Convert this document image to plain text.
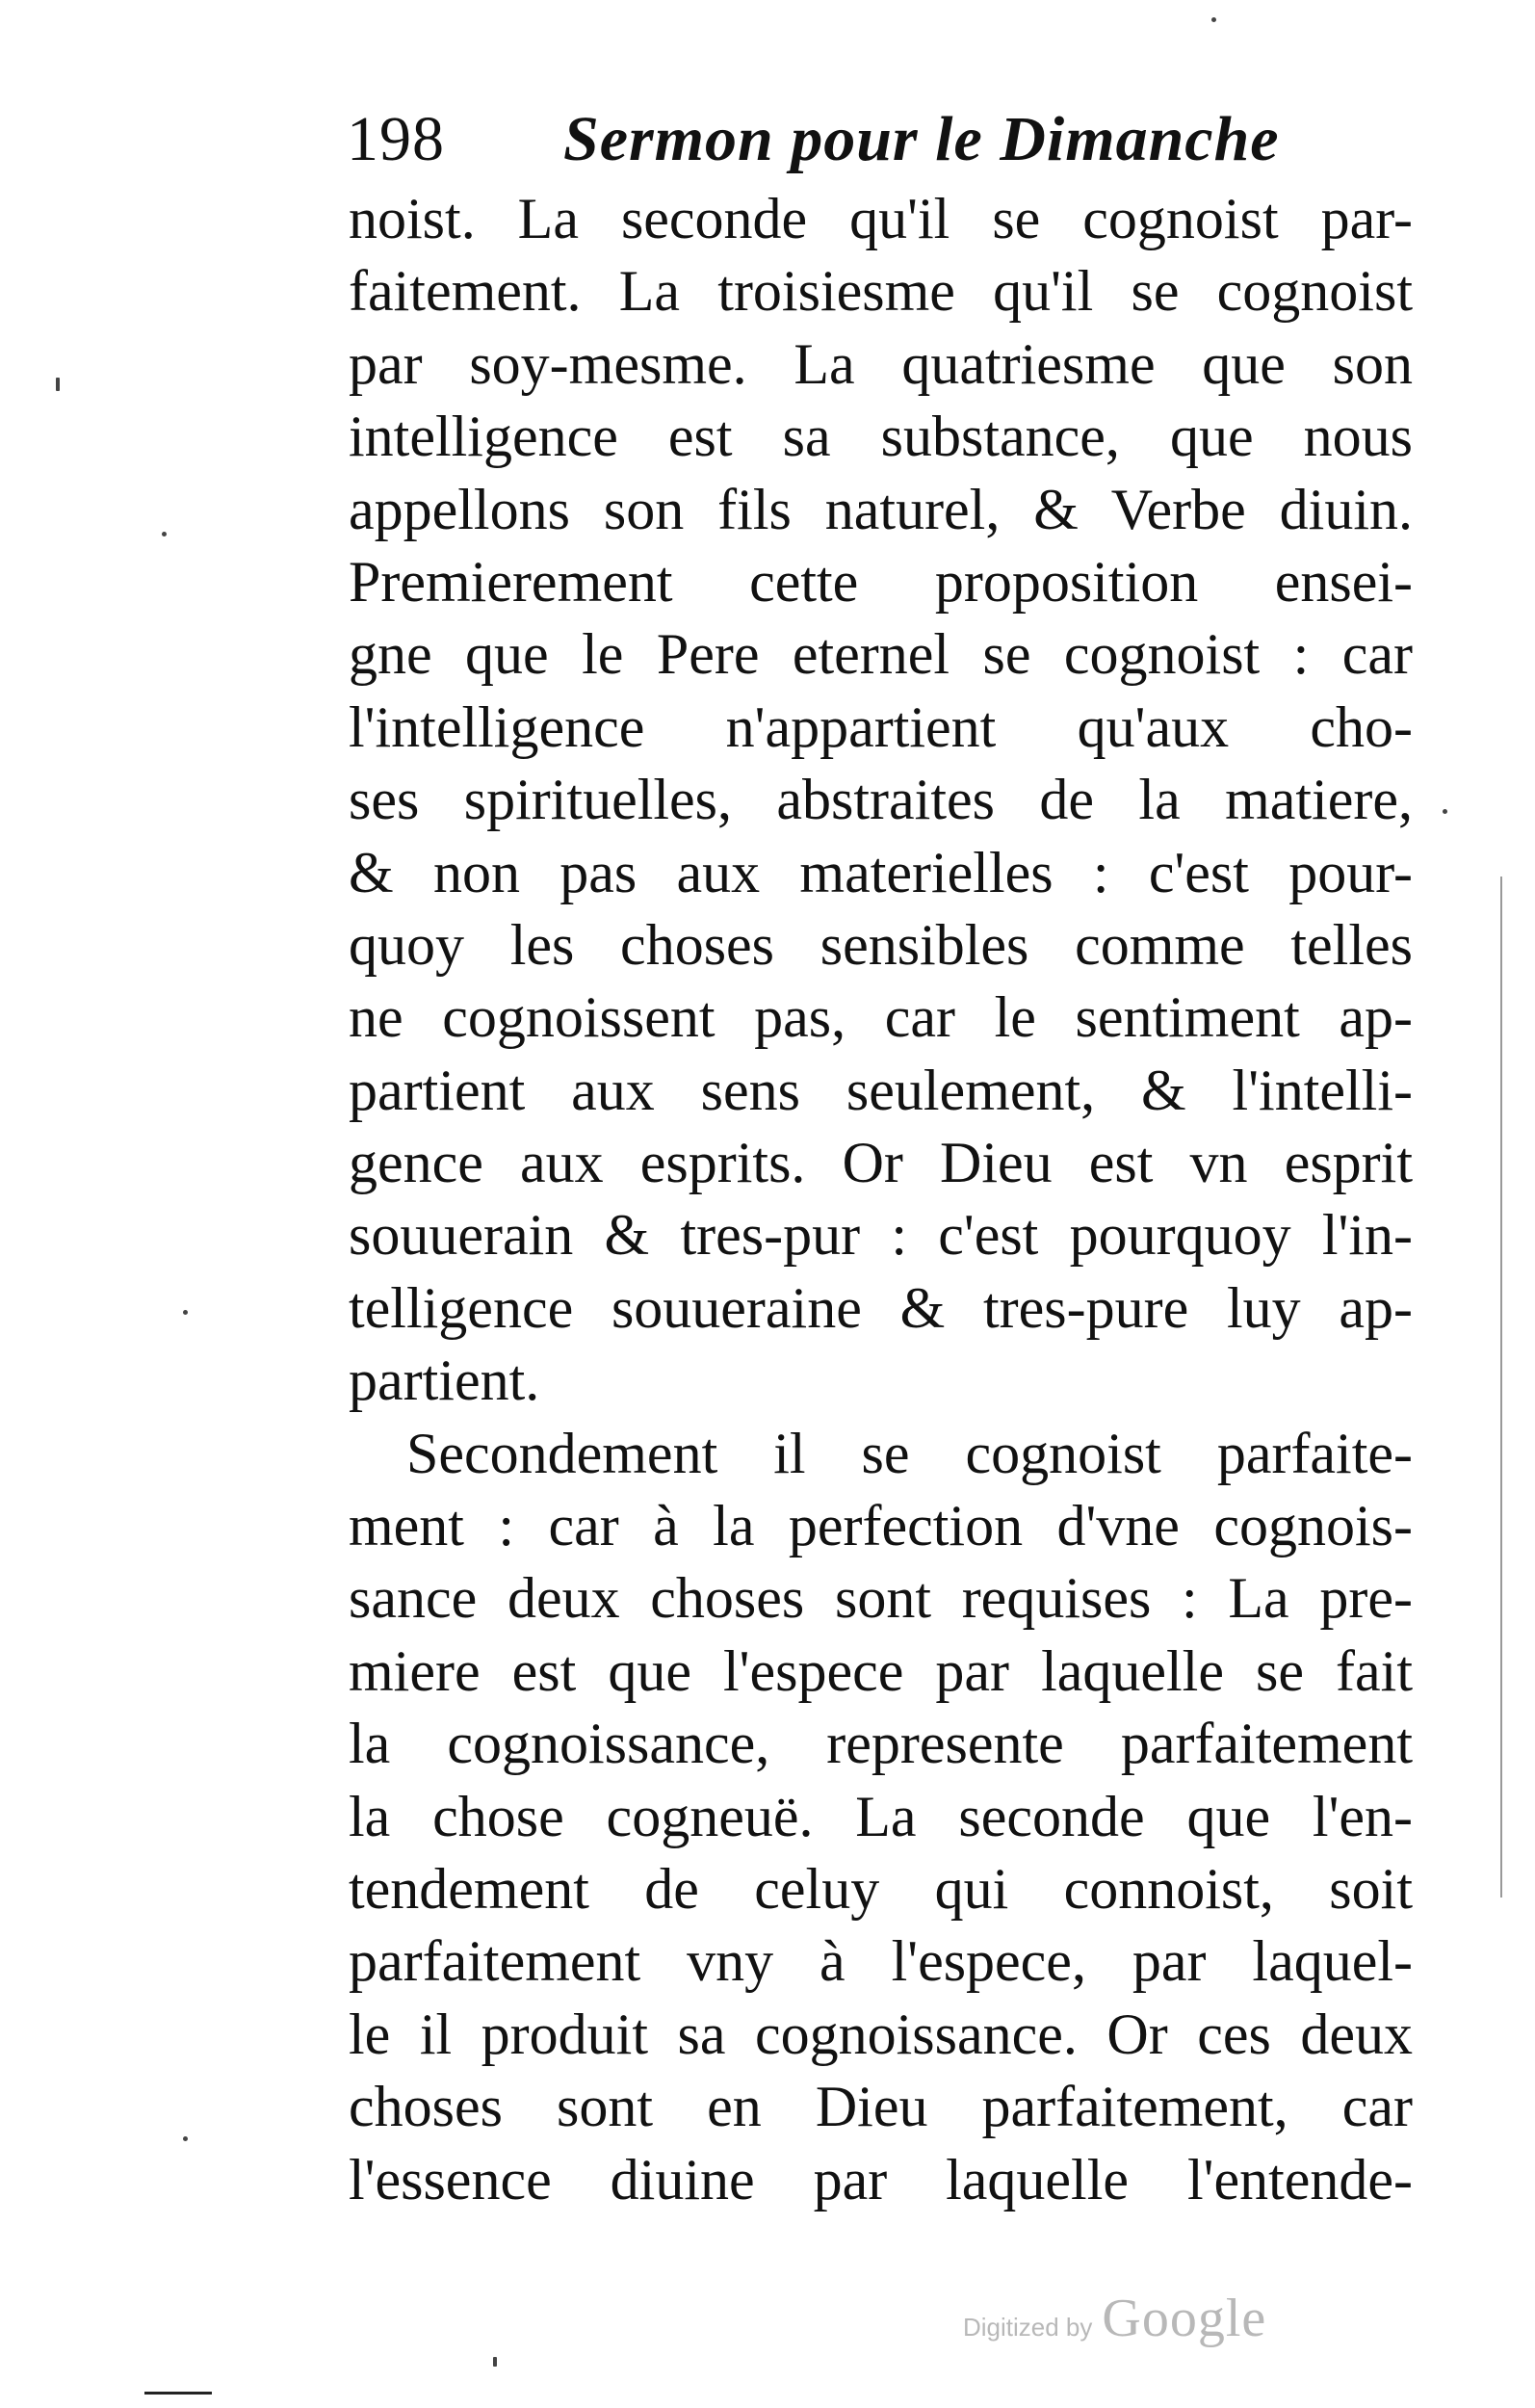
198 Sermon pour le Dimanche
noist. La seconde qu'il se cognoist par-
faitement. La troisiesme qu'il se cognoist
par soy-mesme. La quatriesme que son
intelligence est sa substance, que nous
appellons son fils naturel, & Verbe diuin.
Premierement cette proposition ensei-
gne que le Pere eternel se cognoist : car
l'intelligence n'appartient qu'aux cho-
ses spirituelles, abstraites de la matiere,
& non pas aux materielles : c'est pour-
quoy les choses sensibles comme telles
ne cognoissent pas, car le sentiment ap-
partient aux sens seulement, & l'intelli-
gence aux esprits. Or Dieu est vn esprit
souuerain & tres-pur : c'est pourquoy l'in-
telligence souueraine & tres-pure luy ap-
partient.
Secondement il se cognoist parfaite-
ment : car à la perfection d'vne cognois-
sance deux choses sont requises : La pre-
miere est que l'espece par laquelle se fait
la cognoissance, represente parfaitement
la chose cogneuë. La seconde que l'en-
tendement de celuy qui connoist, soit
parfaitement vny à l'espece, par laquel-
le il produit sa cognoissance. Or ces deux
choses sont en Dieu parfaitement, car
l'essence diuine par laquelle l'entende-
Digitized by Google
